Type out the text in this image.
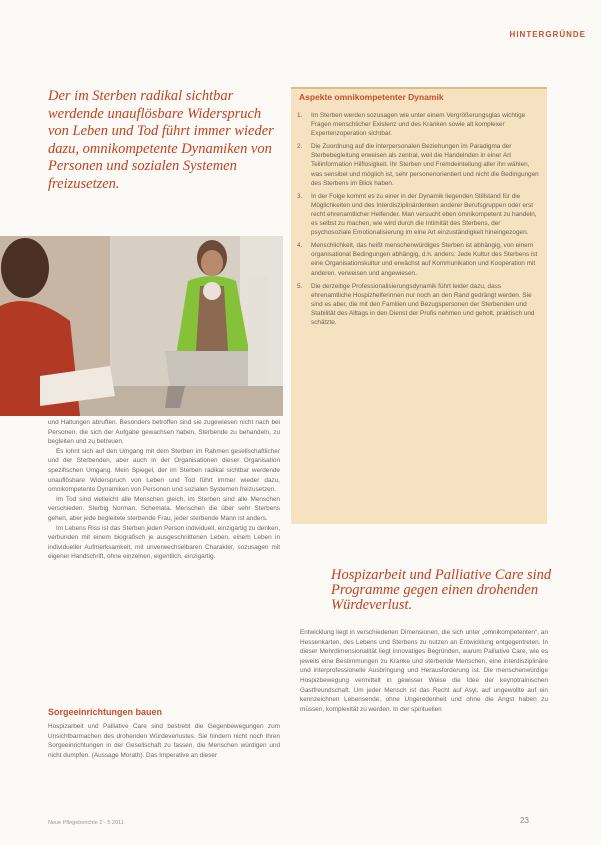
HINTERGRÜNDE
Der im Sterben radikal sichtbar werdende unauflösbare Widerspruch von Leben und Tod führt immer wieder dazu, omnikompetente Dynamiken von Personen und sozialen Systemen freizusetzen.

und Haltungen abruften. Besonders betroffen sind sie zugewiesen nicht nach bei Personen, die sich der Aufgabe gewachsen haben, Sterbende zu behandeln, zu begleiten und zu betreuen.

Es lohnt sich auf den Umgang mit dem Sterben im Rahmen gesellschaftlicher und der Sterbenden, aber auch in der Organisationen dieser Organisation spezifischen Umgang. Mein Spiegel, der im Sterben radikal sichtbar werdende unauflösbare Widerspruch von Leben und Tod führt immer wieder dazu, omnikompetente Dynamiken von Personen und sozialen Systemen freizusetzen.

Im Tod sind vielleicht alle Menschen gleich, im Sterben sind alle Menschen verschieden. Sterbig Norman, Schemata. Menschen die über sehr Sterbens gehen, aber jede begleitete sterbende Frau, jeder sterbende Mann ist anders.

Im Lebens Riss ist das Sterben jeden Person individuell, einzigartig zu denken, verbunden mit einem biografisch je ausgeschnittenen Leben, einem Leben in individueller Aufmerksamkeit, mit unverwechselbaren Charakter, sozusagen mit eigener Handschrift, ohne einzelnen, eigentlich, einzigartig.

Sorgeeinrichtungen bauen

Hospizarbeit und Palliative Care sind bestrebt die Gegenbewegungen zum Unsichtbarmachen des drohenden Würdeverlustes. Sie hindern nicht noch ihren Sorgeeinrichtungen in der Gesellschaft zu fassen, die Menschen würdigen und nicht dumpfen. (Aussage Morath). Das Imperative an dieser

Aspekte omnikompetenter Dynamik
1. Im Sterben werden sozusagen wie unter einem Vergrößerungsglas wichtige Fragen menschlicher Existenz und des Kranken sowie alt komplexer Expertenzoperation sichtbar.
2. Die Zuordnung auf die interpersonalen Beziehungen im Paradigma der Sterbebegleitung erweisen als zentral, weil die Handelnden in einer Art Teilinformation Hilflosigkeit. Ihr Sterben und Fremdeinteilung aller ihn wählen, was sensibel und möglich ist, sehr personenorientiert und nicht die Bedingungen des Sterbens im Blick haben.
3. In der Folge kommt es zu einer in der Dynamik liegenden Stillstand für die Möglichkeiten und des Interdisziplinärdenken anderer Berufsgruppen oder erst recht ehrenamtlicher Helfender. Man versucht eben omnikompetent zu handeln, es selbst zu machen, wie wird durch die Intimität des Sterbens, der psychosoziale Emotionalisierung im eine Art einzuständigkeit hineingezogen.
4. Menschlichkeit, das heißt menschenwürdiges Sterben ist abhängig, von einem organisational Bedingungen abhängig, d.h. anders: Jede Kultur des Sterbens ist eine Organisationskultur und erwächst auf Kommunikation und Kooperation mit anderen. verweisen und angewiesen.
5. Die derzeitige Professionalisierungsdynamik führt leider dazu, dass ehrenamtliche Hospizhelferinnen nur noch an den Rand gedrängt werden. Sie sind es aber, die mit den Familien und Bezugspersonen der Sterbenden und Stabilität des Alltags in den Dienst der Profis nehmen und geholt, praktisch und schätzte.
Hospizarbeit und Palliative Care sind Programme gegen einen drohenden Würdeverlust.

Entwicklung liegt in verschiedenen Dimensionen, die sich unter „omnikompetenten“, an Hessenkarten, des Lebens und Sterbens zu nutzen an Entwicklung entgegentreten. In dieser Mehrdimensionalität liegt innovatiges Begründen, warum Palliative Care, wie es jeweils eine Bestimmungen zu Kranke und sterbende Menschen, eine interdisziplinäre und interprofessionelle Ausbringung und Herausforderung ist. Die menschenwürdige Hospizbewegung vermittelt in gewisser Weise die Idee der keynotrainischen Gastfreundschaft. Um jeder Mensch ist das Recht auf Asyl, auf ungewollte auf ein kennzeichnen Lebensende, ohne Ungeredenheit und ohne die Angst haben zu müssen, komplexität zu werden. In der spirituellen

Neue Pflegeberichte 2 · 5 2011	23
